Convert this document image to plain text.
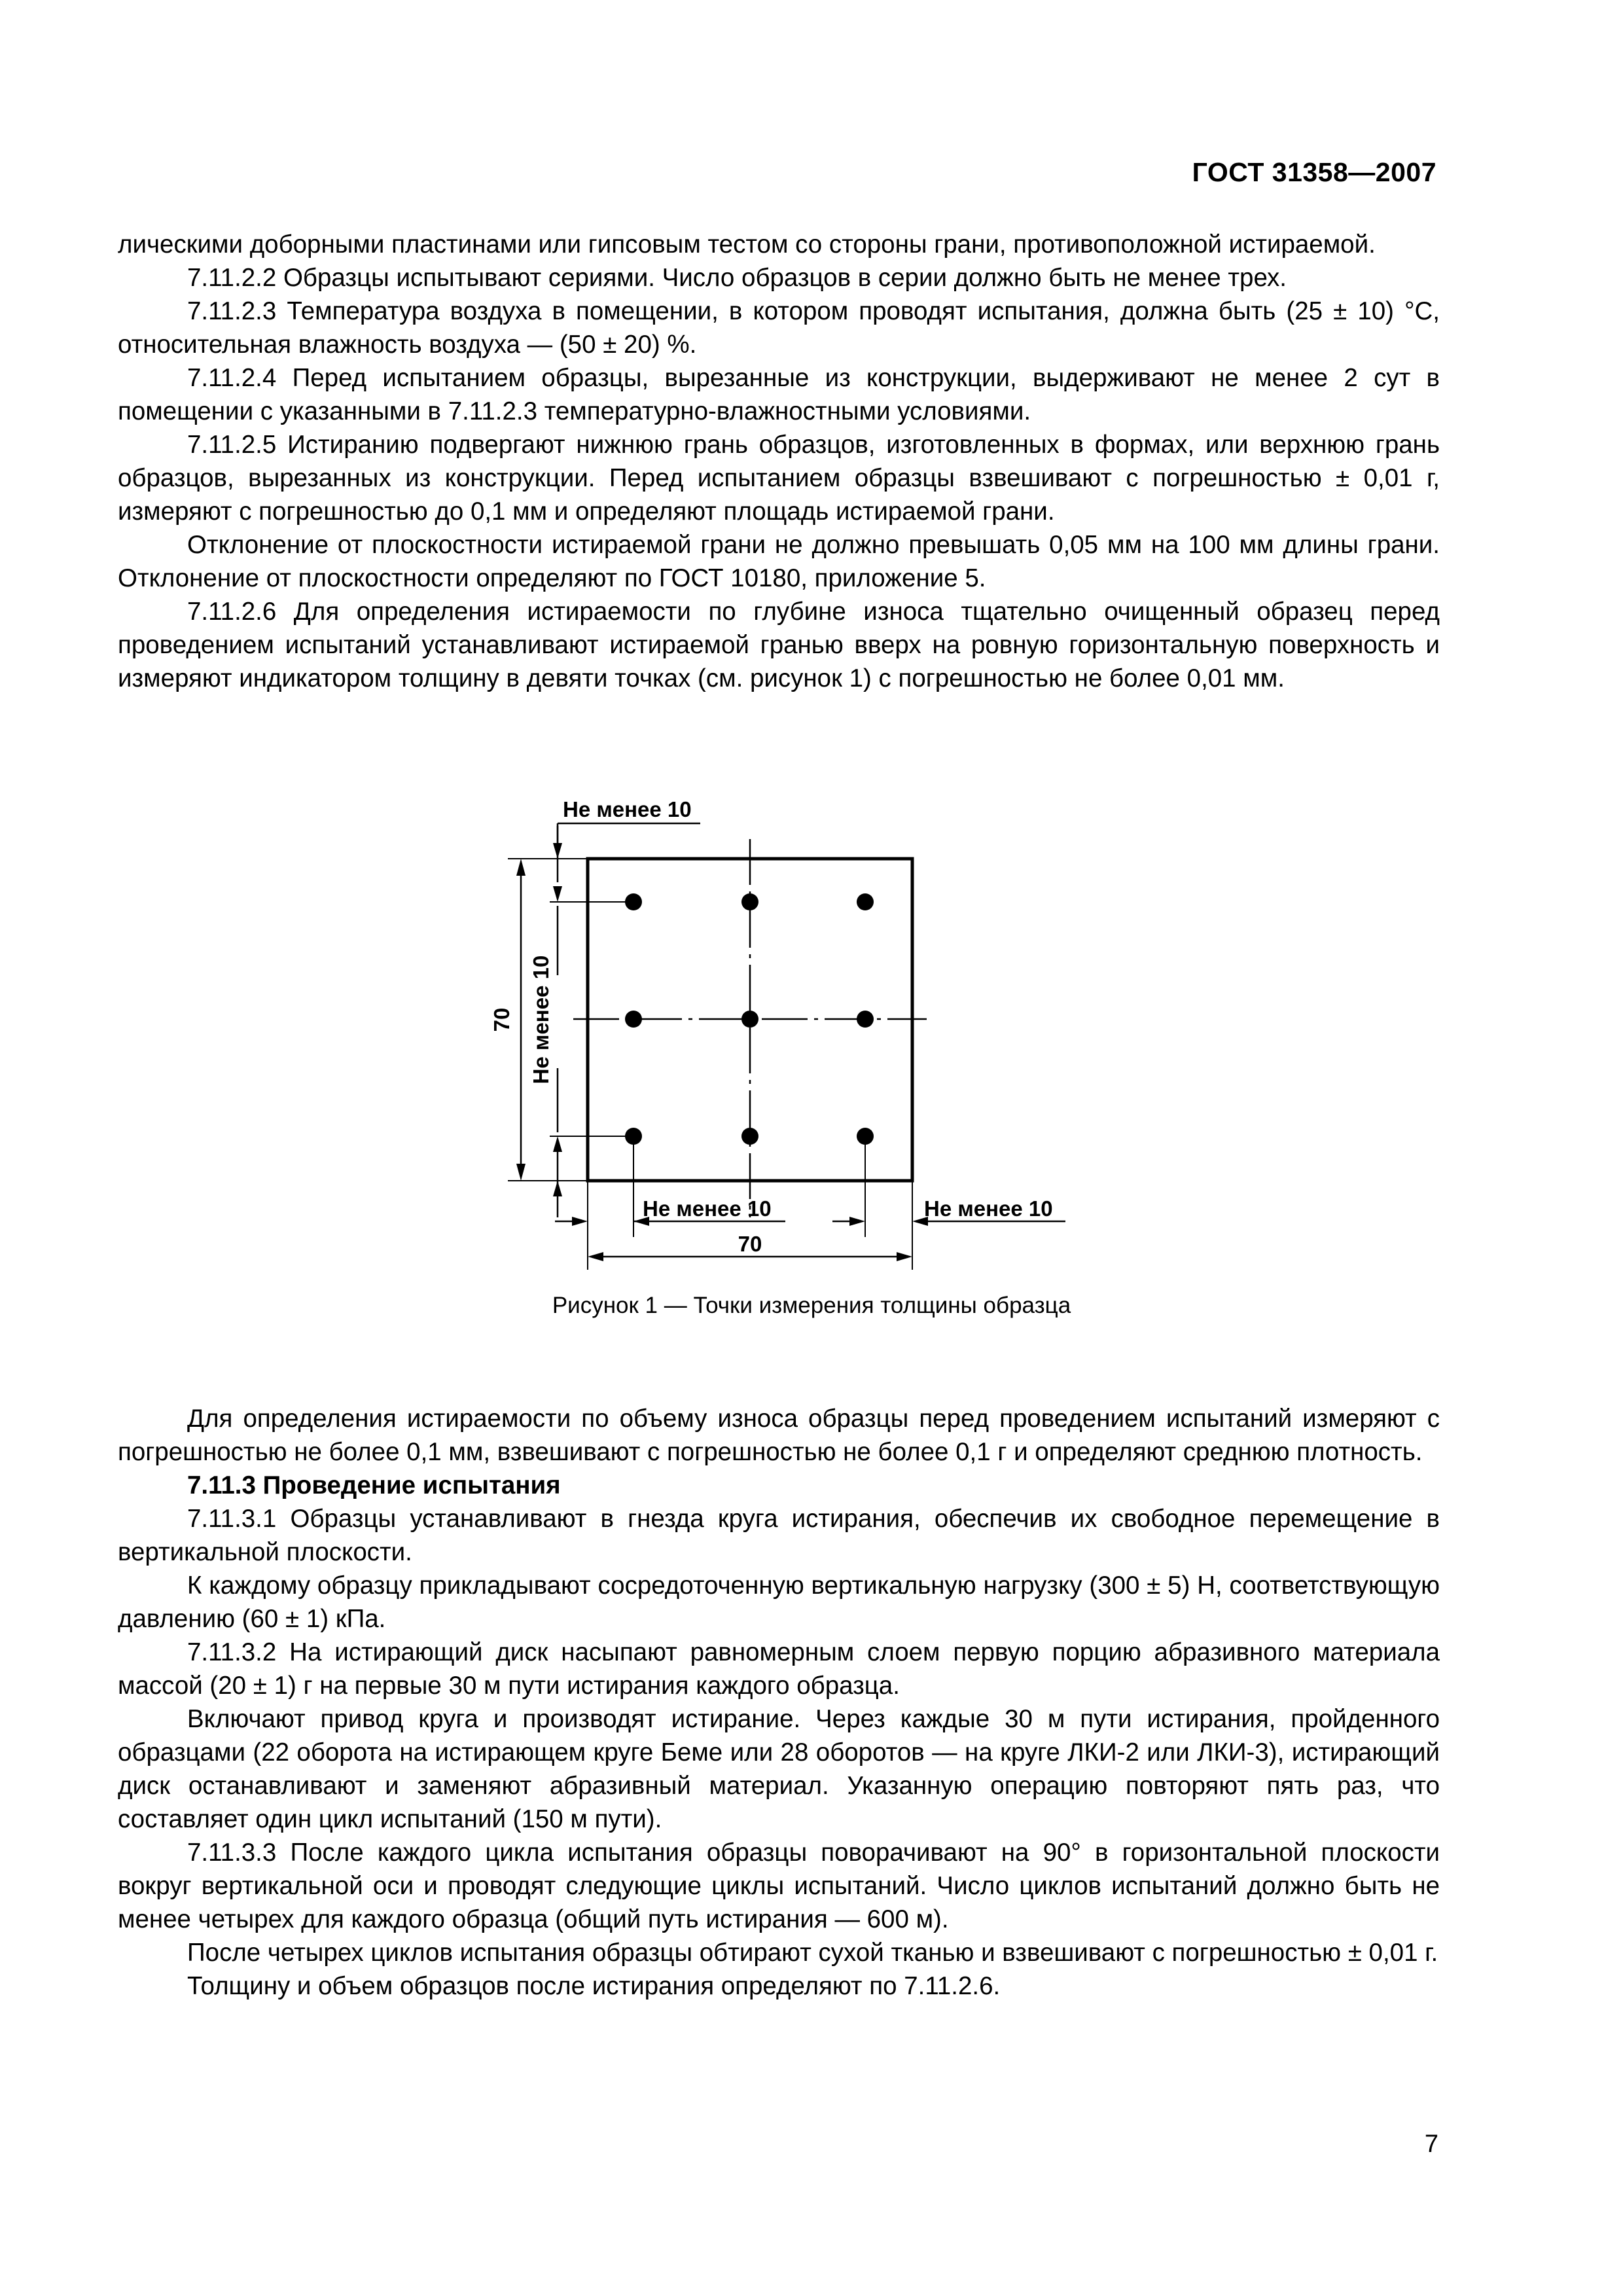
ГОСТ 31358—2007

лическими доборными пластинами или гипсовым тестом со стороны грани, противоположной истираемой.

7.11.2.2 Образцы испытывают сериями. Число образцов в серии должно быть не менее трех.

7.11.2.3 Температура воздуха в помещении, в котором проводят испытания, должна быть (25 ± 10) °С, относительная влажность воздуха — (50 ± 20) %.

7.11.2.4 Перед испытанием образцы, вырезанные из конструкции, выдерживают не менее 2 сут в помещении с указанными в 7.11.2.3 температурно-влажностными условиями.

7.11.2.5 Истиранию подвергают нижнюю грань образцов, изготовленных в формах, или верхнюю грань образцов, вырезанных из конструкции. Перед испытанием образцы взвешивают с погрешностью ± 0,01 г, измеряют с погрешностью до 0,1 мм и определяют площадь истираемой грани.

Отклонение от плоскостности истираемой грани не должно превышать 0,05 мм на 100 мм длины грани. Отклонение от плоскостности определяют по ГОСТ 10180, приложение 5.

7.11.2.6 Для определения истираемости по глубине износа тщательно очищенный образец перед проведением испытаний устанавливают истираемой гранью вверх на ровную горизонтальную поверхность и измеряют индикатором толщину в девяти точках (см. рисунок 1) с погрешностью не более 0,01 мм.

Не менее 10
70 Не менее 10
Не менее 10	Не менее 10
70
Рисунок 1 — Точки измерения толщины образца

Для определения истираемости по объему износа образцы перед проведением испытаний измеряют с погрешностью не более 0,1 мм, взвешивают с погрешностью не более 0,1 г и определяют среднюю плотность.

7.11.3 Проведение испытания

7.11.3.1 Образцы устанавливают в гнезда круга истирания, обеспечив их свободное перемещение в вертикальной плоскости.

К каждому образцу прикладывают сосредоточенную вертикальную нагрузку (300 ± 5) Н, соответствующую давлению (60 ± 1) кПа.

7.11.3.2 На истирающий диск насыпают равномерным слоем первую порцию абразивного материала массой (20 ± 1) г на первые 30 м пути истирания каждого образца.

Включают привод круга и производят истирание. Через каждые 30 м пути истирания, пройденного образцами (22 оборота на истирающем круге Беме или 28 оборотов — на круге ЛКИ-2 или ЛКИ-3), истирающий диск останавливают и заменяют абразивный материал. Указанную операцию повторяют пять раз, что составляет один цикл испытаний (150 м пути).

7.11.3.3 После каждого цикла испытания образцы поворачивают на 90° в горизонтальной плоскости вокруг вертикальной оси и проводят следующие циклы испытаний. Число циклов испытаний должно быть не менее четырех для каждого образца (общий путь истирания — 600 м).

После четырех циклов испытания образцы обтирают сухой тканью и взвешивают с погрешностью ± 0,01 г.

Толщину и объем образцов после истирания определяют по 7.11.2.6.

7
